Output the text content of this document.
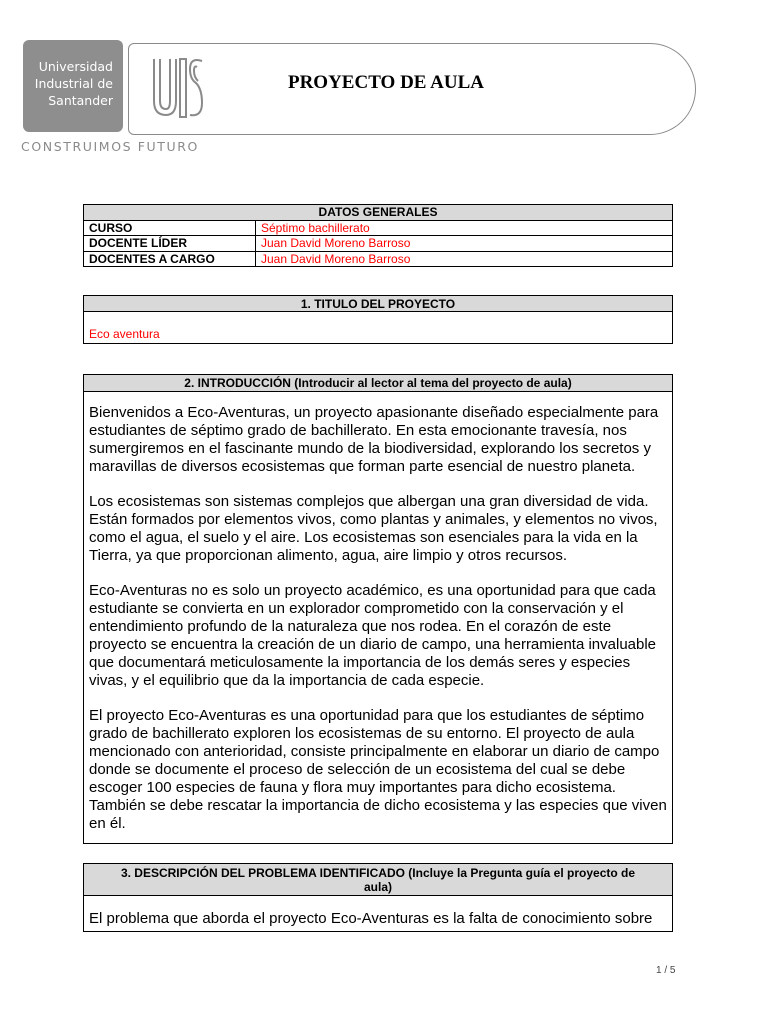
Universidad
Industrial de
Santander
PROYECTO DE AULA
CONSTRUIMOS FUTURO
DATOS GENERALES	
CURSO	Séptimo bachillerato
DOCENTE LÍDER	Juan David Moreno Barroso
DOCENTES A CARGO	Juan David Moreno Barroso
1. TITULO DEL PROYECTO
Eco aventura
2. INTRODUCCIÓN (Introducir al lector al tema del proyecto de aula)

Bienvenidos a Eco-Aventuras, un proyecto apasionante diseñado especialmente para estudiantes de séptimo grado de bachillerato. En esta emocionante travesía, nos sumergiremos en el fascinante mundo de la biodiversidad, explorando los secretos y maravillas de diversos ecosistemas que forman parte esencial de nuestro planeta.

Los ecosistemas son sistemas complejos que albergan una gran diversidad de vida. Están formados por elementos vivos, como plantas y animales, y elementos no vivos, como el agua, el suelo y el aire. Los ecosistemas son esenciales para la vida en la Tierra, ya que proporcionan alimento, agua, aire limpio y otros recursos.

Eco-Aventuras no es solo un proyecto académico, es una oportunidad para que cada estudiante se convierta en un explorador comprometido con la conservación y el entendimiento profundo de la naturaleza que nos rodea. En el corazón de este proyecto se encuentra la creación de un diario de campo, una herramienta invaluable que documentará meticulosamente la importancia de los demás seres y especies vivas, y el equilibrio que da la importancia de cada especie.

El proyecto Eco-Aventuras es una oportunidad para que los estudiantes de séptimo grado de bachillerato exploren los ecosistemas de su entorno. El proyecto de aula mencionado con anterioridad, consiste principalmente en elaborar un diario de campo donde se documente el proceso de selección de un ecosistema del cual se debe escoger 100 especies de fauna y flora muy importantes para dicho ecosistema. También se debe rescatar la importancia de dicho ecosistema y las especies que viven en él.

3. DESCRIPCIÓN DEL PROBLEMA IDENTIFICADO (Incluye la Pregunta guía el proyecto de aula)
El problema que aborda el proyecto Eco-Aventuras es la falta de conocimiento sobre
1 / 5
